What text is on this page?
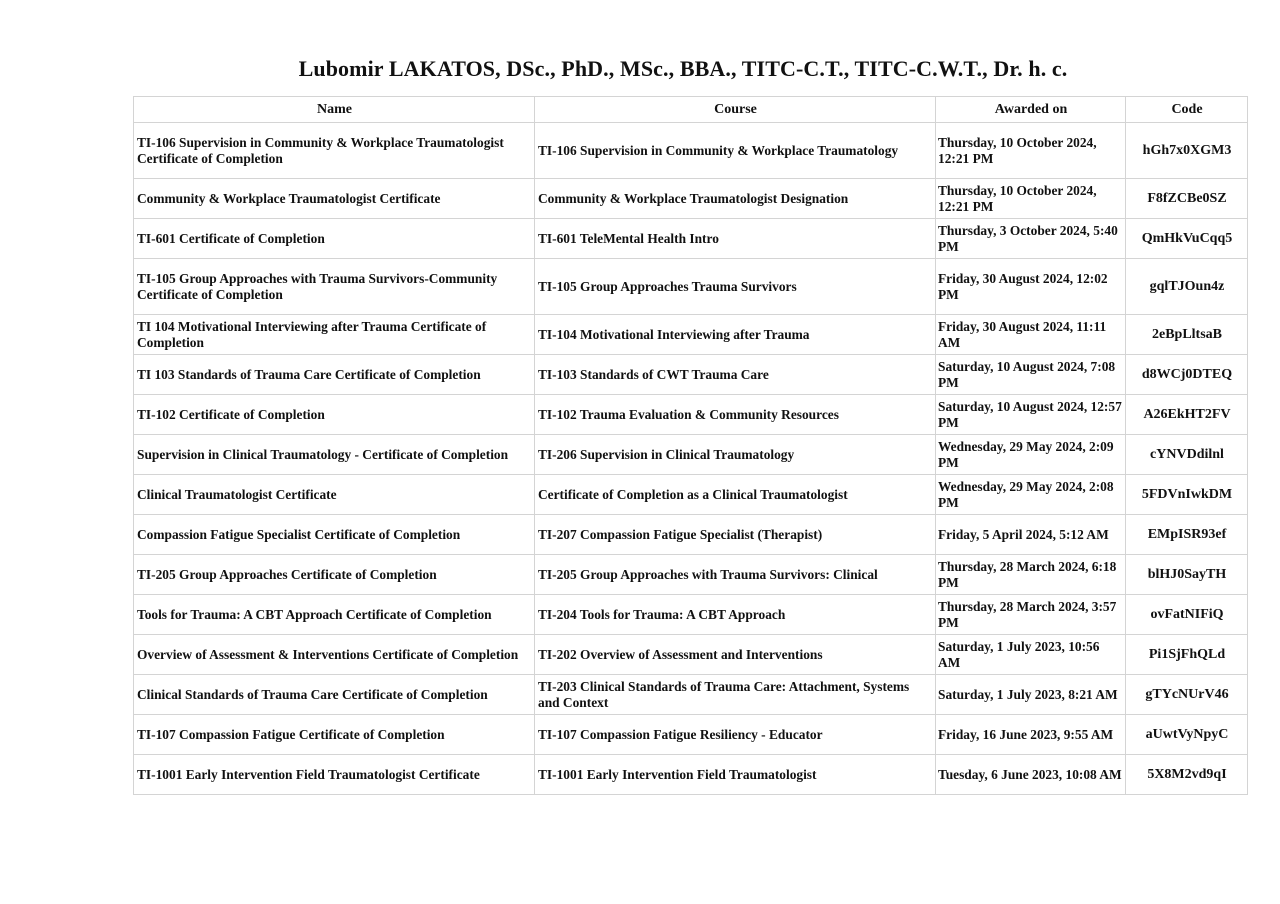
Lubomir LAKATOS, DSc., PhD., MSc., BBA., TITC-C.T., TITC-C.W.T., Dr. h. c.
Name	Course	Awarded on	Code
TI-106 Supervision in Community & Workplace Traumatologist Certificate of Completion	TI-106 Supervision in Community & Workplace Traumatology	Thursday, 10 October 2024, 12:21 PM	hGh7x0XGM3
Community & Workplace Traumatologist Certificate	Community & Workplace Traumatologist Designation	Thursday, 10 October 2024, 12:21 PM	F8fZCBe0SZ
TI-601 Certificate of Completion	TI-601 TeleMental Health Intro	Thursday, 3 October 2024, 5:40 PM	QmHkVuCqq5
TI-105 Group Approaches with Trauma Survivors-Community Certificate of Completion	TI-105 Group Approaches Trauma Survivors	Friday, 30 August 2024, 12:02 PM	gqlTJOun4z
TI 104 Motivational Interviewing after Trauma Certificate of Completion	TI-104 Motivational Interviewing after Trauma	Friday, 30 August 2024, 11:11 AM	2eBpLltsaB
TI 103 Standards of Trauma Care Certificate of Completion	TI-103 Standards of CWT Trauma Care	Saturday, 10 August 2024, 7:08 PM	d8WCj0DTEQ
TI-102 Certificate of Completion	TI-102 Trauma Evaluation & Community Resources	Saturday, 10 August 2024, 12:57 PM	A26EkHT2FV
Supervision in Clinical Traumatology - Certificate of Completion	TI-206 Supervision in Clinical Traumatology	Wednesday, 29 May 2024, 2:09 PM	cYNVDdilnl
Clinical Traumatologist Certificate	Certificate of Completion as a Clinical Traumatologist	Wednesday, 29 May 2024, 2:08 PM	5FDVnIwkDM
Compassion Fatigue Specialist Certificate of Completion	TI-207 Compassion Fatigue Specialist (Therapist)	Friday, 5 April 2024, 5:12 AM	EMpISR93ef
TI-205 Group Approaches Certificate of Completion	TI-205 Group Approaches with Trauma Survivors: Clinical	Thursday, 28 March 2024, 6:18 PM	blHJ0SayTH
Tools for Trauma: A CBT Approach Certificate of Completion	TI-204 Tools for Trauma: A CBT Approach	Thursday, 28 March 2024, 3:57 PM	ovFatNIFiQ
Overview of Assessment & Interventions Certificate of Completion	TI-202 Overview of Assessment and Interventions	Saturday, 1 July 2023, 10:56 AM	Pi1SjFhQLd
Clinical Standards of Trauma Care Certificate of Completion	TI-203 Clinical Standards of Trauma Care: Attachment, Systems and Context	Saturday, 1 July 2023, 8:21 AM	gTYcNUrV46
TI-107 Compassion Fatigue Certificate of Completion	TI-107 Compassion Fatigue Resiliency - Educator	Friday, 16 June 2023, 9:55 AM	aUwtVyNpyC
TI-1001 Early Intervention Field Traumatologist Certificate	TI-1001 Early Intervention Field Traumatologist	Tuesday, 6 June 2023, 10:08 AM	5X8M2vd9qI
